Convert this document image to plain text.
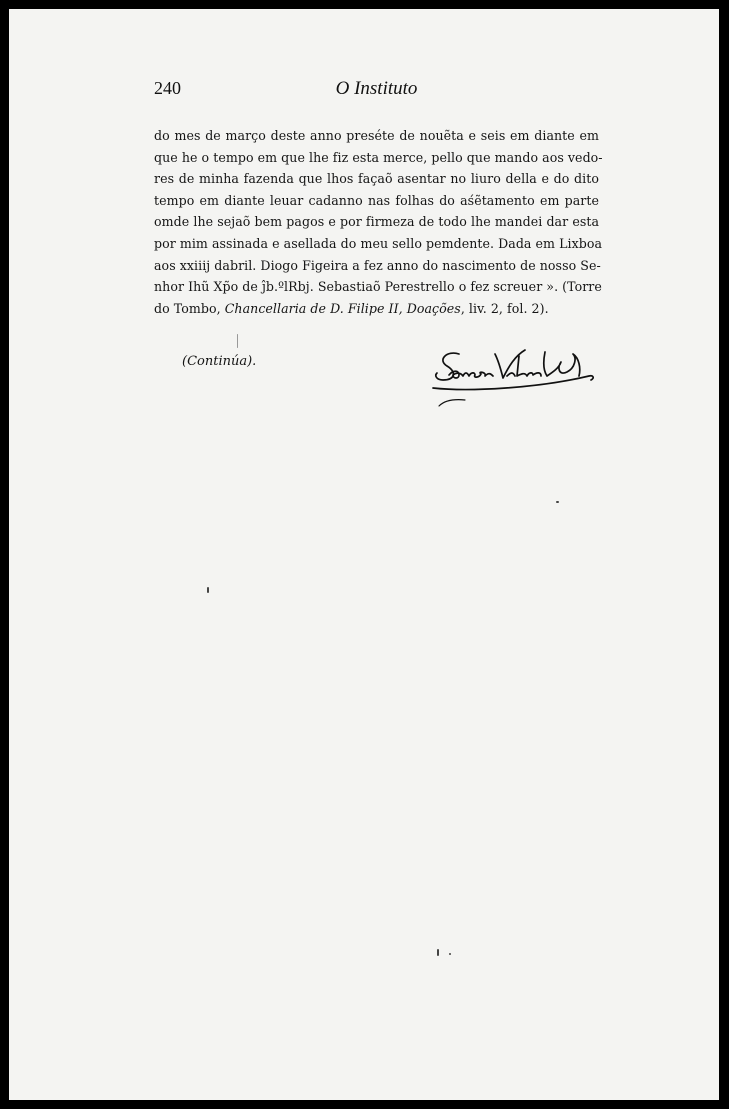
240	O Instituto
do mes de março deste anno preséte de nouẽta e seis em diante em
que he o tempo em que lhe fiz esta merce, pello que mando aos vedo-
res de minha fazenda que lhos façaõ asentar no liuro della e do dito
tempo em diante leuar cadanno nas folhas do aśẽtamento em parte
omde lhe sejaõ bem pagos e por firmeza de todo lhe mandei dar esta
por mim assinada e asellada do meu sello pemdente. Dada em Lixboa
aos xxiiij dabril. Diogo Figeira a fez anno do nascimento de nosso Se-
nhor Ihũ Xp̃o de ĵb.ºlRbj. Sebastiaõ Perestrello o fez screuer ». (Torre
do Tombo, Chancellaria de D. Filipe II, Doações, liv. 2, fol. 2).
(Continúa).
